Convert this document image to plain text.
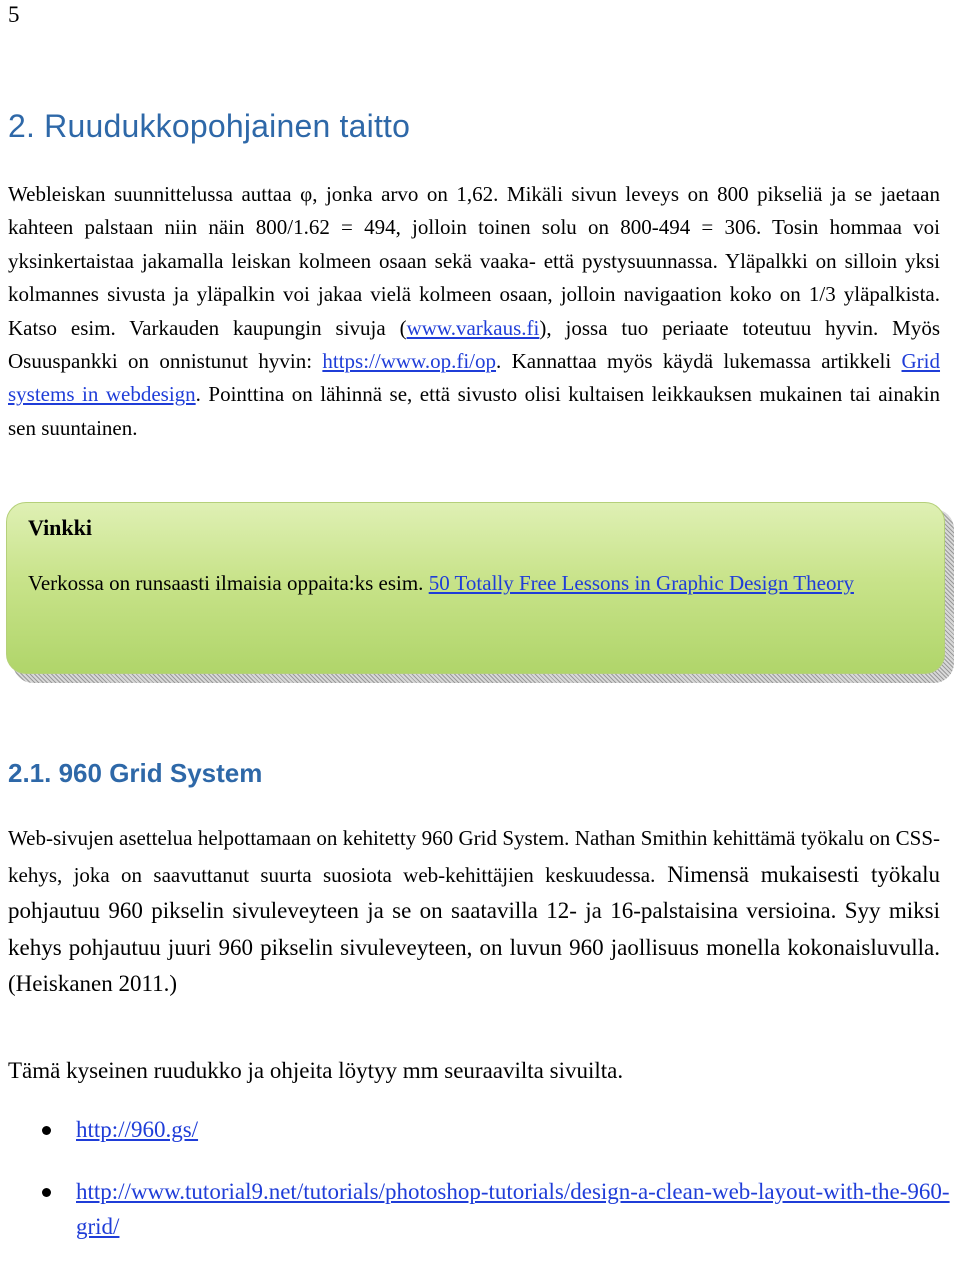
5
2. Ruudukkopohjainen taitto

Webleiskan suunnittelussa auttaa φ, jonka arvo on 1,62. Mikäli sivun leveys on 800 pikseliä ja se jaetaan kahteen palstaan niin näin 800/1.62 = 494, jolloin toinen solu on 800-494 = 306. Tosin hommaa voi yksinkertaistaa jakamalla leiskan kolmeen osaan sekä vaaka- että pystysuunnassa. Yläpalkki on silloin yksi kolmannes sivusta ja yläpalkin voi jakaa vielä kolmeen osaan, jolloin navigaation koko on 1/3 yläpalkista. Katso esim. Varkauden kaupungin sivuja (www.varkaus.fi), jossa tuo periaate toteutuu hyvin. Myös Osuuspankki on onnistunut hyvin: https://www.op.fi/op. Kannattaa myös käydä lukemassa artikkeli Grid systems in webdesign. Pointtina on lähinnä se, että sivusto olisi kultaisen leikkauksen mukainen tai ainakin sen suuntainen.

Vinkki

Verkossa on runsaasti ilmaisia oppaita:ks esim. 50 Totally Free Lessons in Graphic Design Theory

2.1. 960 Grid System

Web-sivujen asettelua helpottamaan on kehitetty 960 Grid System. Nathan Smithin kehittämä työkalu on CSS-kehys, joka on saavuttanut suurta suosiota web-kehittäjien keskuudessa. Nimensä mukaisesti työkalu pohjautuu 960 pikselin sivuleveyteen ja se on saatavilla 12- ja 16-palstaisina versioina. Syy miksi kehys pohjautuu juuri 960 pikselin sivuleveyteen, on luvun 960 jaollisuus monella kokonaisluvulla. (Heiskanen 2011.)

Tämä kyseinen ruudukko ja ohjeita löytyy mm seuraavilta sivuilta.

http://960.gs/
http://www.tutorial9.net/tutorials/photoshop-tutorials/design-a-clean-web-layout-with-the-960-grid/
